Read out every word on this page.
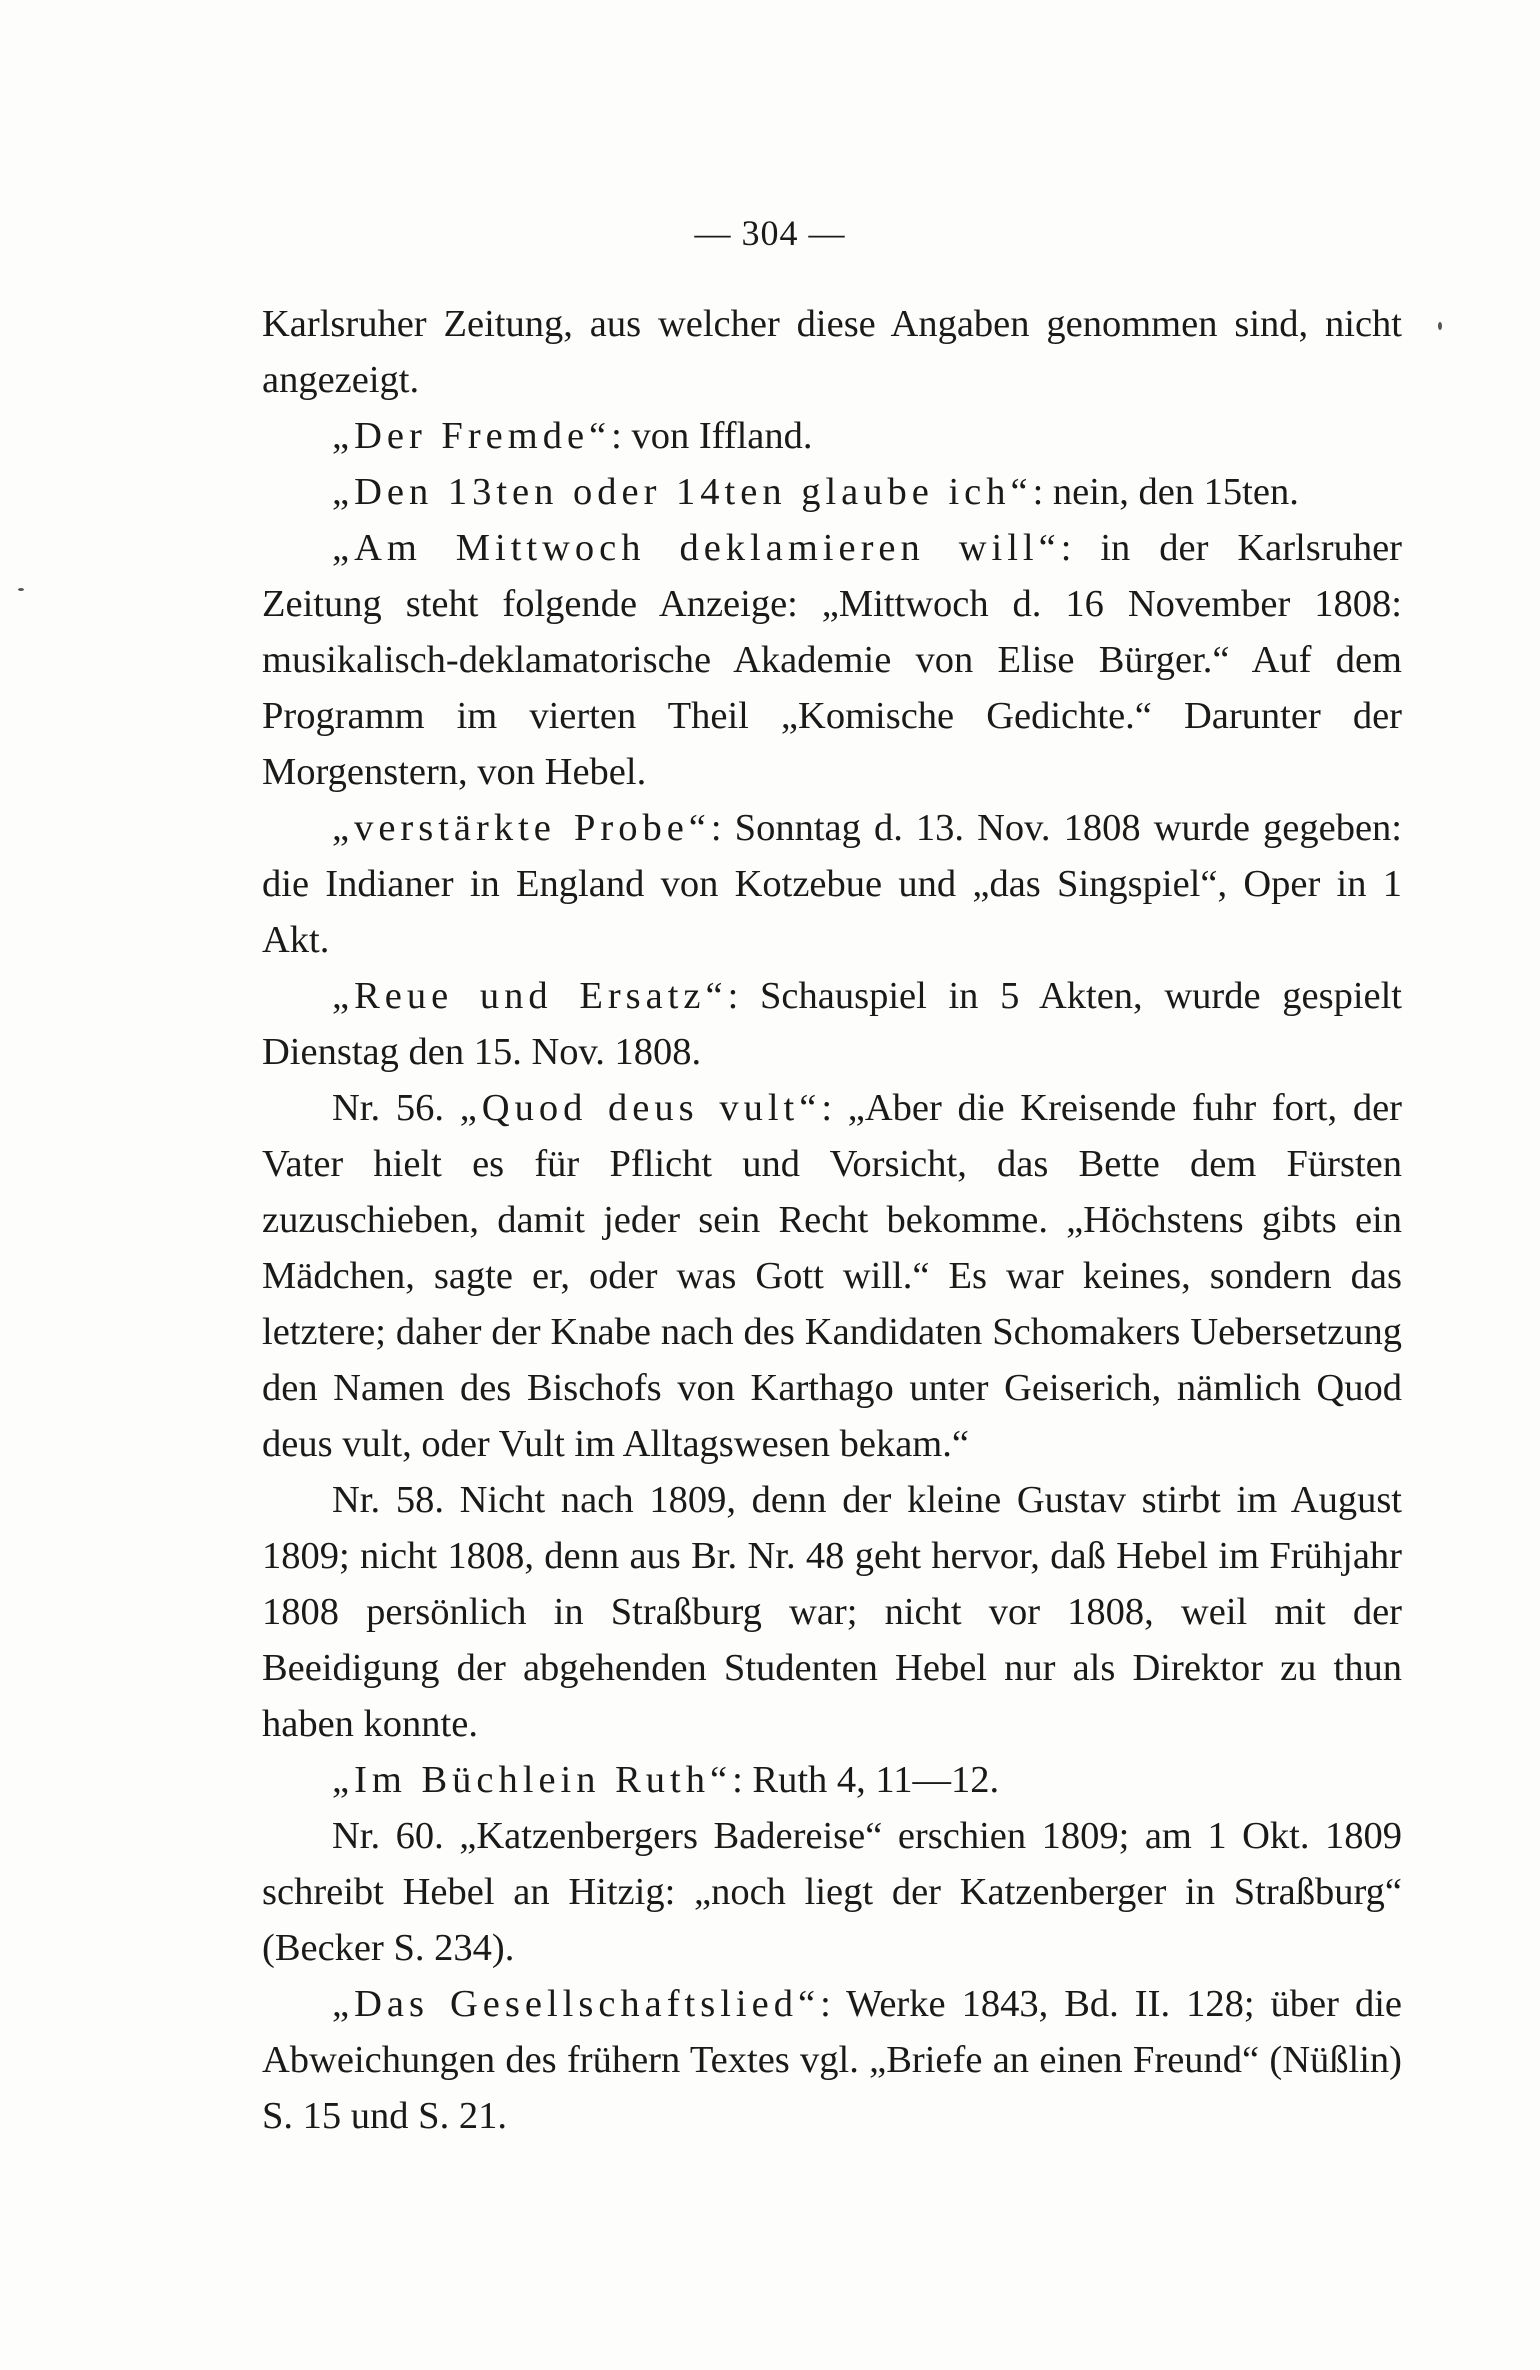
— 304 —

Karlsruher Zeitung, aus welcher diese Angaben genommen sind, nicht angezeigt.

„Der Fremde“: von Iffland.

„Den 13ten oder 14ten glaube ich“: nein, den 15ten.

„Am Mittwoch deklamieren will“: in der Karlsruher Zeitung steht folgende Anzeige: „Mittwoch d. 16 November 1808: musikalisch-deklamatorische Akademie von Elise Bürger.“ Auf dem Programm im vierten Theil „Komische Gedichte.“ Darunter der Morgenstern, von Hebel.

„verstärkte Probe“: Sonntag d. 13. Nov. 1808 wurde gegeben: die Indianer in England von Kotzebue und „das Singspiel“, Oper in 1 Akt.

„Reue und Ersatz“: Schauspiel in 5 Akten, wurde gespielt Dienstag den 15. Nov. 1808.

Nr. 56. „Quod deus vult“: „Aber die Kreisende fuhr fort, der Vater hielt es für Pflicht und Vorsicht, das Bette dem Fürsten zuzuschieben, damit jeder sein Recht bekomme. „Höchstens gibts ein Mädchen, sagte er, oder was Gott will.“ Es war keines, sondern das letztere; daher der Knabe nach des Kandidaten Schomakers Uebersetzung den Namen des Bischofs von Karthago unter Geiserich, nämlich Quod deus vult, oder Vult im Alltagswesen bekam.“

Nr. 58. Nicht nach 1809, denn der kleine Gustav stirbt im August 1809; nicht 1808, denn aus Br. Nr. 48 geht hervor, daß Hebel im Frühjahr 1808 persönlich in Straßburg war; nicht vor 1808, weil mit der Beeidigung der abgehenden Studenten Hebel nur als Direktor zu thun haben konnte.

„Im Büchlein Ruth“: Ruth 4, 11—12.

Nr. 60. „Katzenbergers Badereise“ erschien 1809; am 1 Okt. 1809 schreibt Hebel an Hitzig: „noch liegt der Katzenberger in Straßburg“ (Becker S. 234).

„Das Gesellschaftslied“: Werke 1843, Bd. II. 128; über die Abweichungen des frühern Textes vgl. „Briefe an einen Freund“ (Nüßlin) S. 15 und S. 21.
